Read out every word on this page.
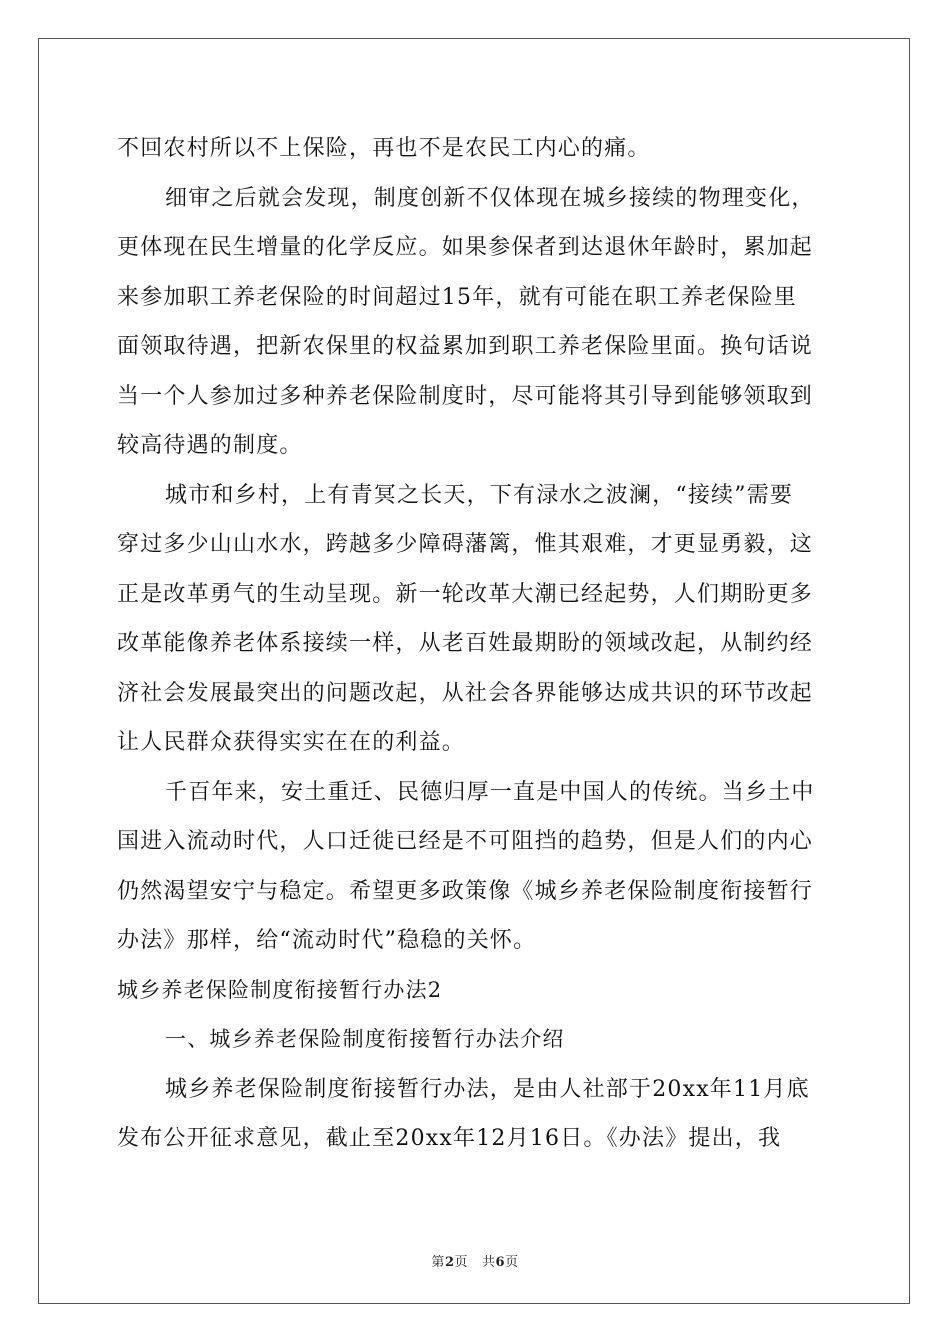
不回农村所以不上保险，再也不是农民工内心的痛。
细审之后就会发现，制度创新不仅体现在城乡接续的物理变化，
更体现在民生增量的化学反应。如果参保者到达退休年龄时，累加起
来参加职工养老保险的时间超过15年，就有可能在职工养老保险里
面领取待遇，把新农保里的权益累加到职工养老保险里面。换句话说
当一个人参加过多种养老保险制度时，尽可能将其引导到能够领取到
较高待遇的制度。
城市和乡村，上有青冥之长天，下有渌水之波澜，“接续”需要
穿过多少山山水水，跨越多少障碍藩篱，惟其艰难，才更显勇毅，这
正是改革勇气的生动呈现。新一轮改革大潮已经起势，人们期盼更多
改革能像养老体系接续一样，从老百姓最期盼的领域改起，从制约经
济社会发展最突出的问题改起，从社会各界能够达成共识的环节改起
让人民群众获得实实在在的利益。
千百年来，安土重迁、民德归厚一直是中国人的传统。当乡土中
国进入流动时代，人口迁徙已经是不可阻挡的趋势，但是人们的内心
仍然渴望安宁与稳定。希望更多政策像《城乡养老保险制度衔接暂行
办法》那样，给“流动时代”稳稳的关怀。
城乡养老保险制度衔接暂行办法2
一、城乡养老保险制度衔接暂行办法介绍
城乡养老保险制度衔接暂行办法，是由人社部于20xx年11月底
发布公开征求意见，截止至20xx年12月16日。《办法》提出，我
第2页 共6页
